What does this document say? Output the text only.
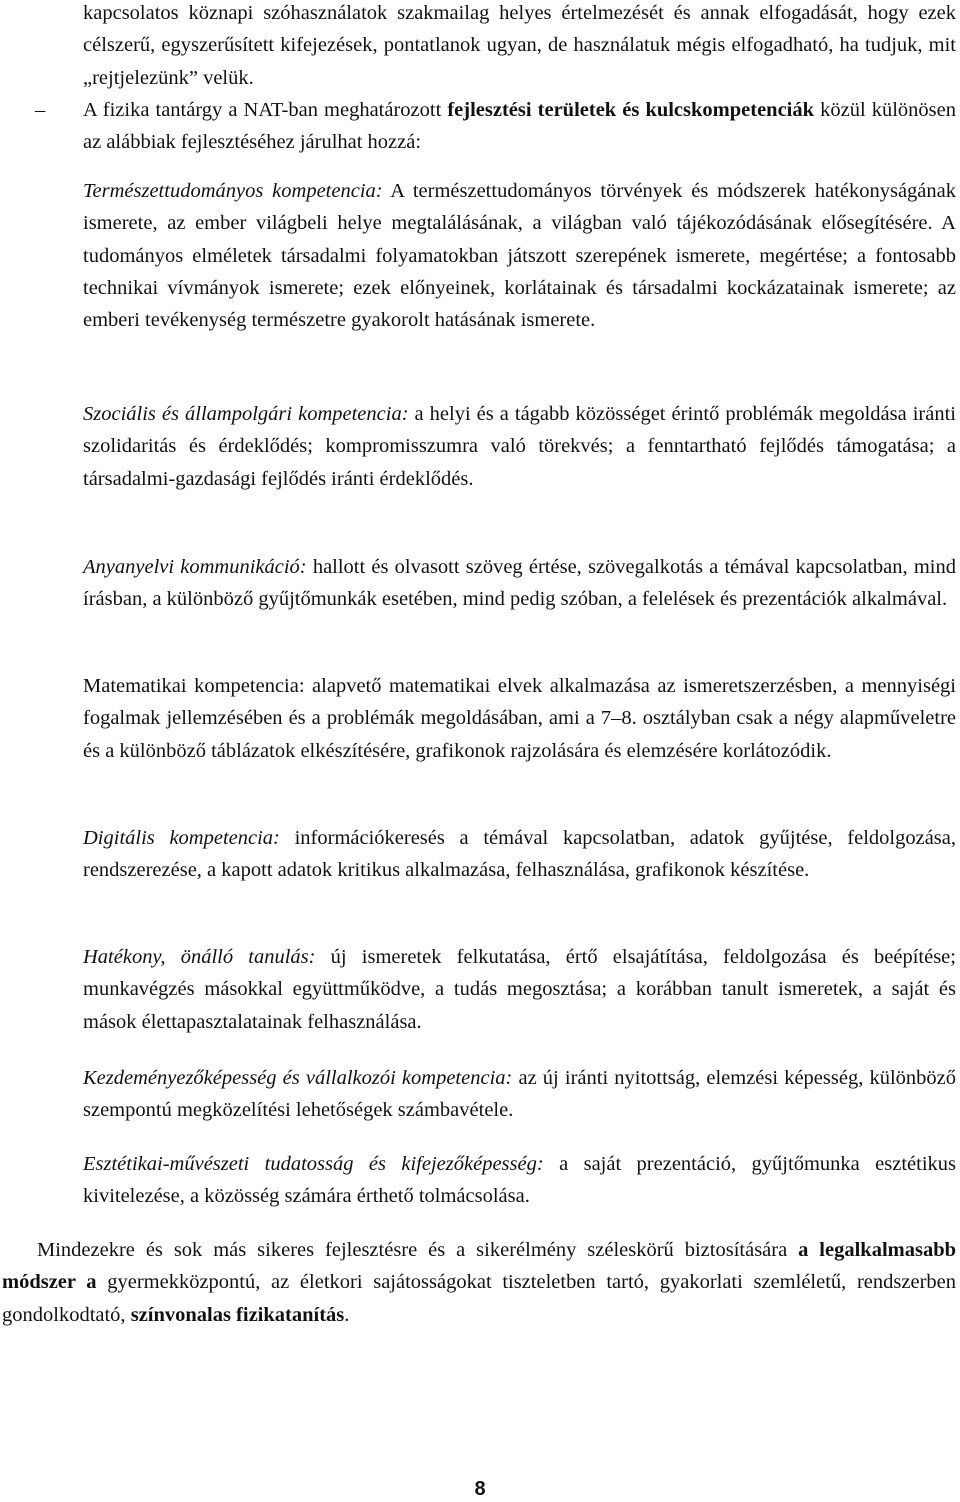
kapcsolatos köznapi szóhasználatok szakmailag helyes értelmezését és annak elfogadását, hogy ezek célszerű, egyszerűsített kifejezések, pontatlanok ugyan, de használatuk mégis elfogadható, ha tudjuk, mit „rejtjelezünk” velük.

– A fizika tantárgy a NAT-ban meghatározott fejlesztési területek és kulcskompetenciák közül különösen az alábbiak fejlesztéséhez járulhat hozzá:

Természettudományos kompetencia: A természettudományos törvények és módszerek hatékonyságának ismerete, az ember világbeli helye megtalálásának, a világban való tájékozódásának elősegítésére. A tudományos elméletek társadalmi folyamatokban játszott szerepének ismerete, megértése; a fontosabb technikai vívmányok ismerete; ezek előnyeinek, korlátainak és társadalmi kockázatainak ismerete; az emberi tevékenység természetre gyakorolt hatásának ismerete.

Szociális és állampolgári kompetencia: a helyi és a tágabb közösséget érintő problémák megoldása iránti szolidaritás és érdeklődés; kompromisszumra való törekvés; a fenntartható fejlődés támogatása; a társadalmi-gazdasági fejlődés iránti érdeklődés.

Anyanyelvi kommunikáció: hallott és olvasott szöveg értése, szövegalkotás a témával kapcsolatban, mind írásban, a különböző gyűjtőmunkák esetében, mind pedig szóban, a felelések és prezentációk alkalmával.

Matematikai kompetencia: alapvető matematikai elvek alkalmazása az ismeretszerzésben, a mennyiségi fogalmak jellemzésében és a problémák megoldásában, ami a 7–8. osztályban csak a négy alapműveletre és a különböző táblázatok elkészítésére, grafikonok rajzolására és elemzésére korlátozódik.

Digitális kompetencia: információkeresés a témával kapcsolatban, adatok gyűjtése, feldolgozása, rendszerezése, a kapott adatok kritikus alkalmazása, felhasználása, grafikonok készítése.

Hatékony, önálló tanulás: új ismeretek felkutatása, értő elsajátítása, feldolgozása és beépítése; munkavégzés másokkal együttműködve, a tudás megosztása; a korábban tanult ismeretek, a saját és mások élettapasztalatainak felhasználása.

Kezdeményezőképesség és vállalkozói kompetencia: az új iránti nyitottság, elemzési képesség, különböző szempontú megközelítési lehetőségek számbavétele.

Esztétikai-művészeti tudatosság és kifejezőképesség: a saját prezentáció, gyűjtőmunka esztétikus kivitelezése, a közösség számára érthető tolmácsolása.

Mindezekre és sok más sikeres fejlesztésre és a sikerélmény széleskörű biztosítására a legalkalmasabb módszer a gyermekközpontú, az életkori sajátosságokat tiszteletben tartó, gyakorlati szemléletű, rendszerben gondolkodtató, színvonalas fizikatanítás.

8
